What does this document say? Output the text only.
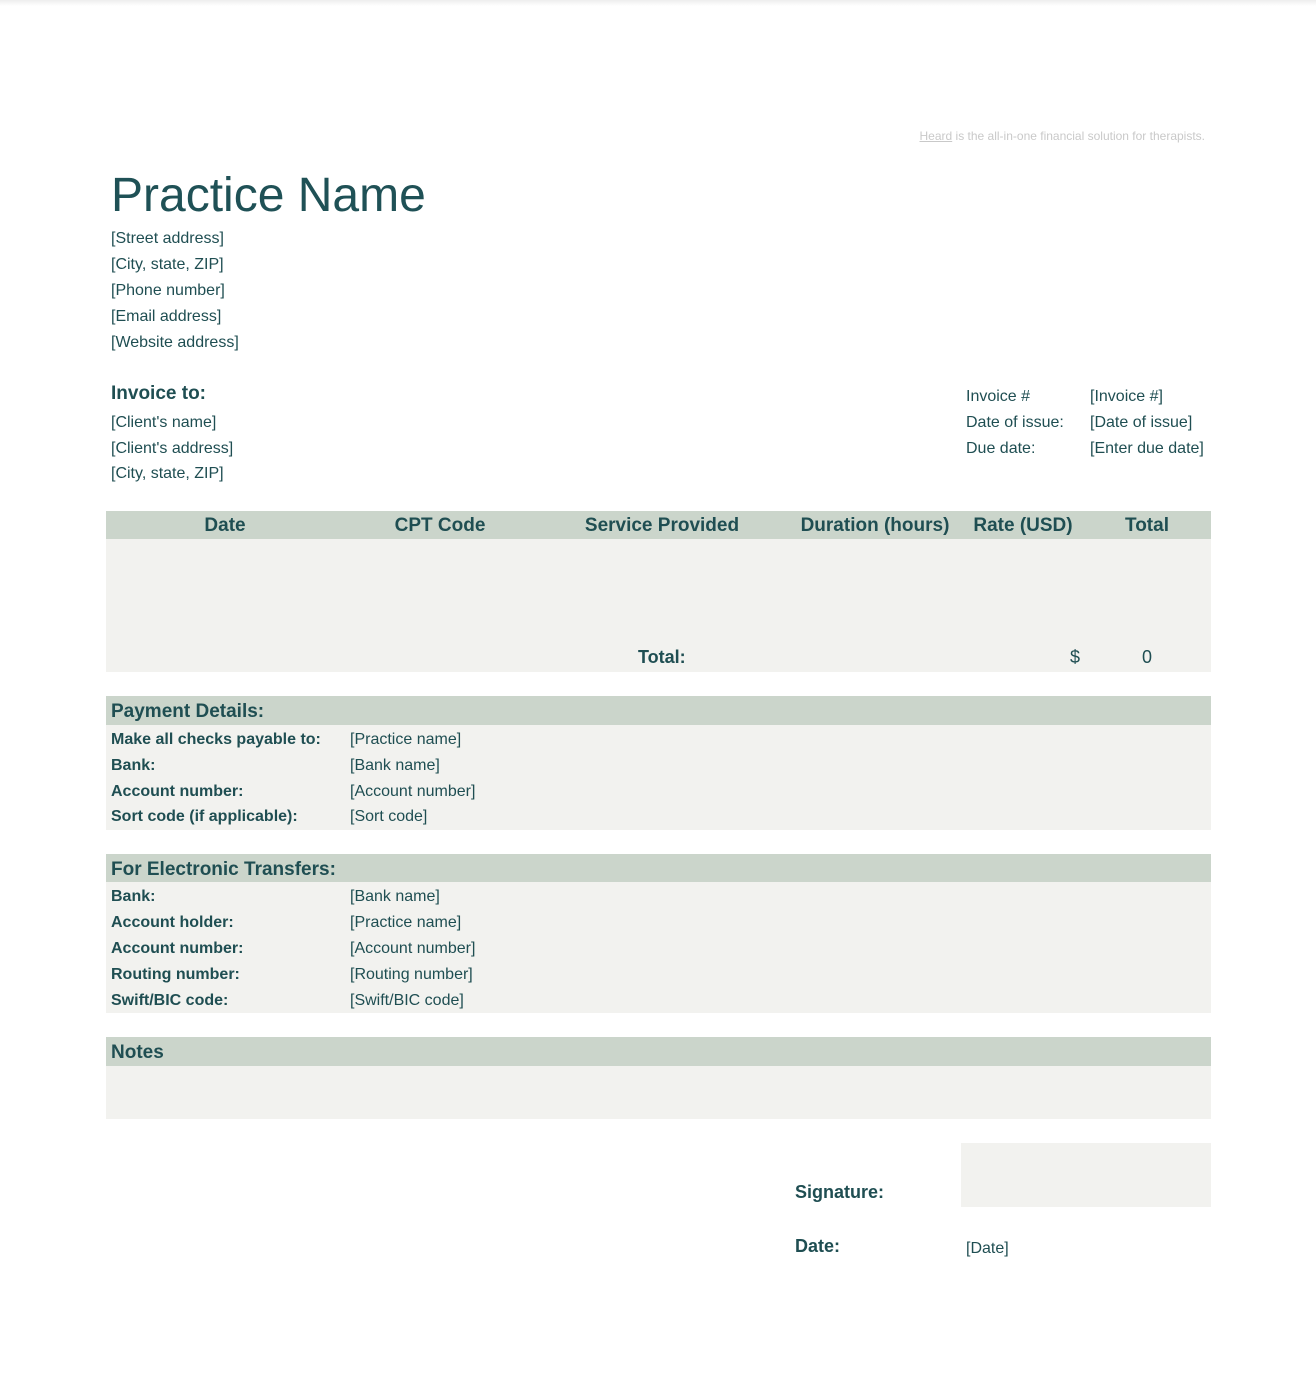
Heard is the all-in-one financial solution for therapists.
Practice Name
[Street address]
[City, state, ZIP]
[Phone number]
[Email address]
[Website address]
Invoice to:
[Client's name]
[Client's address]
[City, state, ZIP]
Invoice #	[Invoice #]
Date of issue: [Date of issue]
Due date:	[Enter due date]
Date	CPT Code	Service Provided	Duration (hours)	Rate (USD)	Total
Total:	$	0
Payment Details:
Make all checks payable to: [Practice name]
Bank:	[Bank name]
Account number:	[Account number]
Sort code (if applicable):	[Sort code]
For Electronic Transfers:
Bank:	[Bank name]
Account holder:	[Practice name]
Account number:	[Account number]
Routing number:	[Routing number]
Swift/BIC code:	[Swift/BIC code]
Notes
Signature:
Date:	[Date]
